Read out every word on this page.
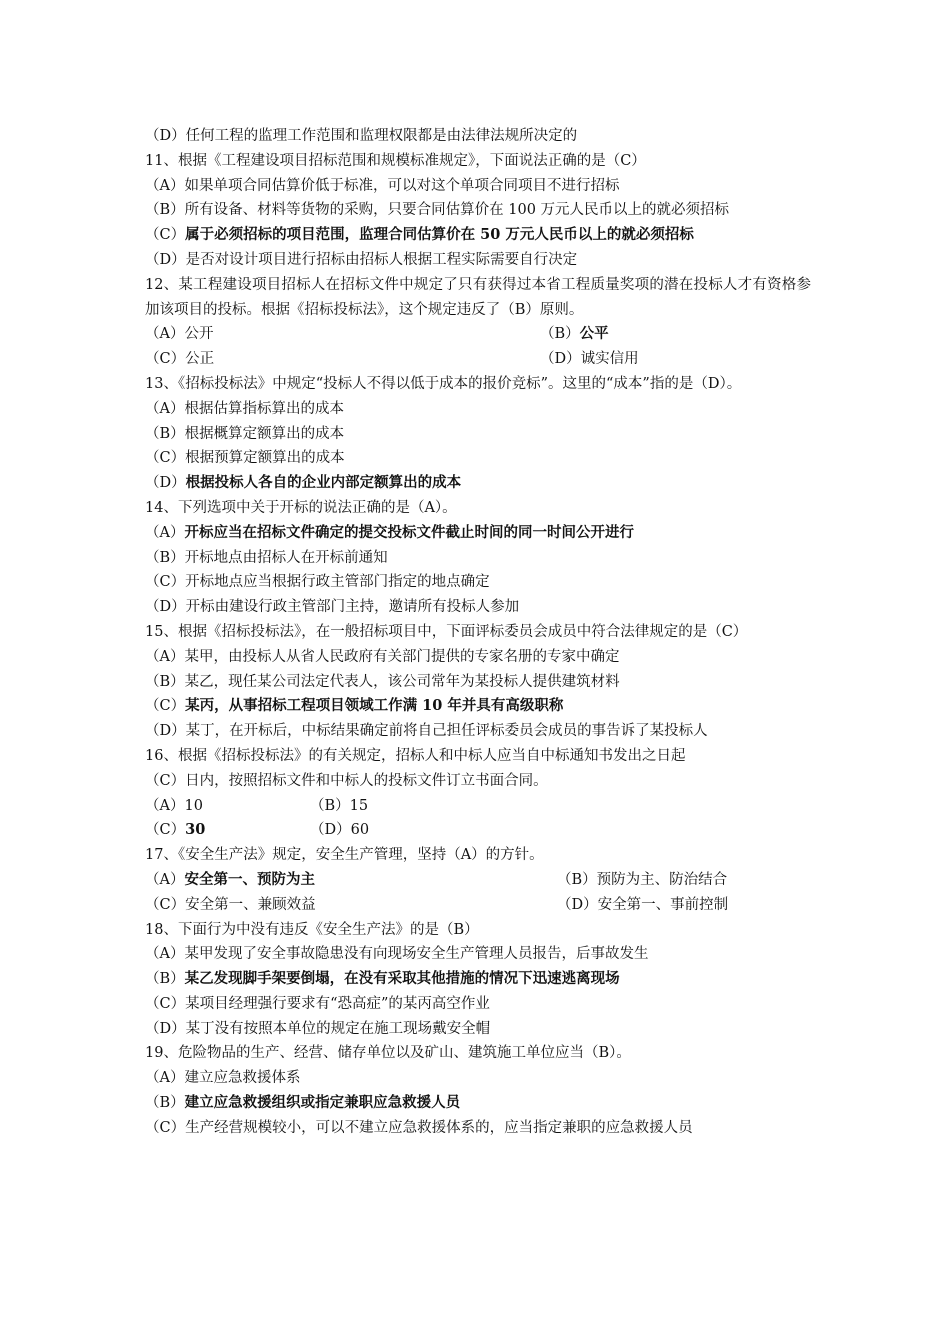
（D）任何工程的监理工作范围和监理权限都是由法律法规所决定的
11、根据《工程建设项目招标范围和规模标准规定》，下面说法正确的是（C）
（A）如果单项合同估算价低于标准，可以对这个单项合同项目不进行招标
（B）所有设备、材料等货物的采购，只要合同估算价在 100 万元人民币以上的就必须招标
（C）属于必须招标的项目范围，监理合同估算价在 50 万元人民币以上的就必须招标
（D）是否对设计项目进行招标由招标人根据工程实际需要自行决定
12、某工程建设项目招标人在招标文件中规定了只有获得过本省工程质量奖项的潜在投标人才有资格参加该项目的投标。根据《招标投标法》，这个规定违反了（B）原则。
（A）公开	（B）公平
（C）公正	（D）诚实信用
13、《招标投标法》中规定“投标人不得以低于成本的报价竞标”。这里的“成本”指的是（D）。
（A）根据估算指标算出的成本
（B）根据概算定额算出的成本
（C）根据预算定额算出的成本
（D）根据投标人各自的企业内部定额算出的成本
14、下列选项中关于开标的说法正确的是（A）。
（A）开标应当在招标文件确定的提交投标文件截止时间的同一时间公开进行
（B）开标地点由招标人在开标前通知
（C）开标地点应当根据行政主管部门指定的地点确定
（D）开标由建设行政主管部门主持，邀请所有投标人参加
15、根据《招标投标法》，在一般招标项目中，下面评标委员会成员中符合法律规定的是（C）
（A）某甲，由投标人从省人民政府有关部门提供的专家名册的专家中确定
（B）某乙，现任某公司法定代表人，该公司常年为某投标人提供建筑材料
（C）某丙，从事招标工程项目领域工作满 10 年并具有高级职称
（D）某丁，在开标后，中标结果确定前将自己担任评标委员会成员的事告诉了某投标人
16、根据《招标投标法》的有关规定，招标人和中标人应当自中标通知书发出之日起
（C）日内，按照招标文件和中标人的投标文件订立书面合同。
（A）10	（B）15
（C）30	（D）60
17、《安全生产法》规定，安全生产管理，坚持（A）的方针。
（A）安全第一、预防为主	（B）预防为主、防治结合
（C）安全第一、兼顾效益	（D）安全第一、事前控制
18、下面行为中没有违反《安全生产法》的是（B）
（A）某甲发现了安全事故隐患没有向现场安全生产管理人员报告，后事故发生
（B）某乙发现脚手架要倒塌，在没有采取其他措施的情况下迅速逃离现场
（C）某项目经理强行要求有“恐高症”的某丙高空作业
（D）某丁没有按照本单位的规定在施工现场戴安全帽
19、危险物品的生产、经营、储存单位以及矿山、建筑施工单位应当（B）。
（A）建立应急救援体系
（B）建立应急救援组织或指定兼职应急救援人员
（C）生产经营规模较小，可以不建立应急救援体系的，应当指定兼职的应急救援人员
